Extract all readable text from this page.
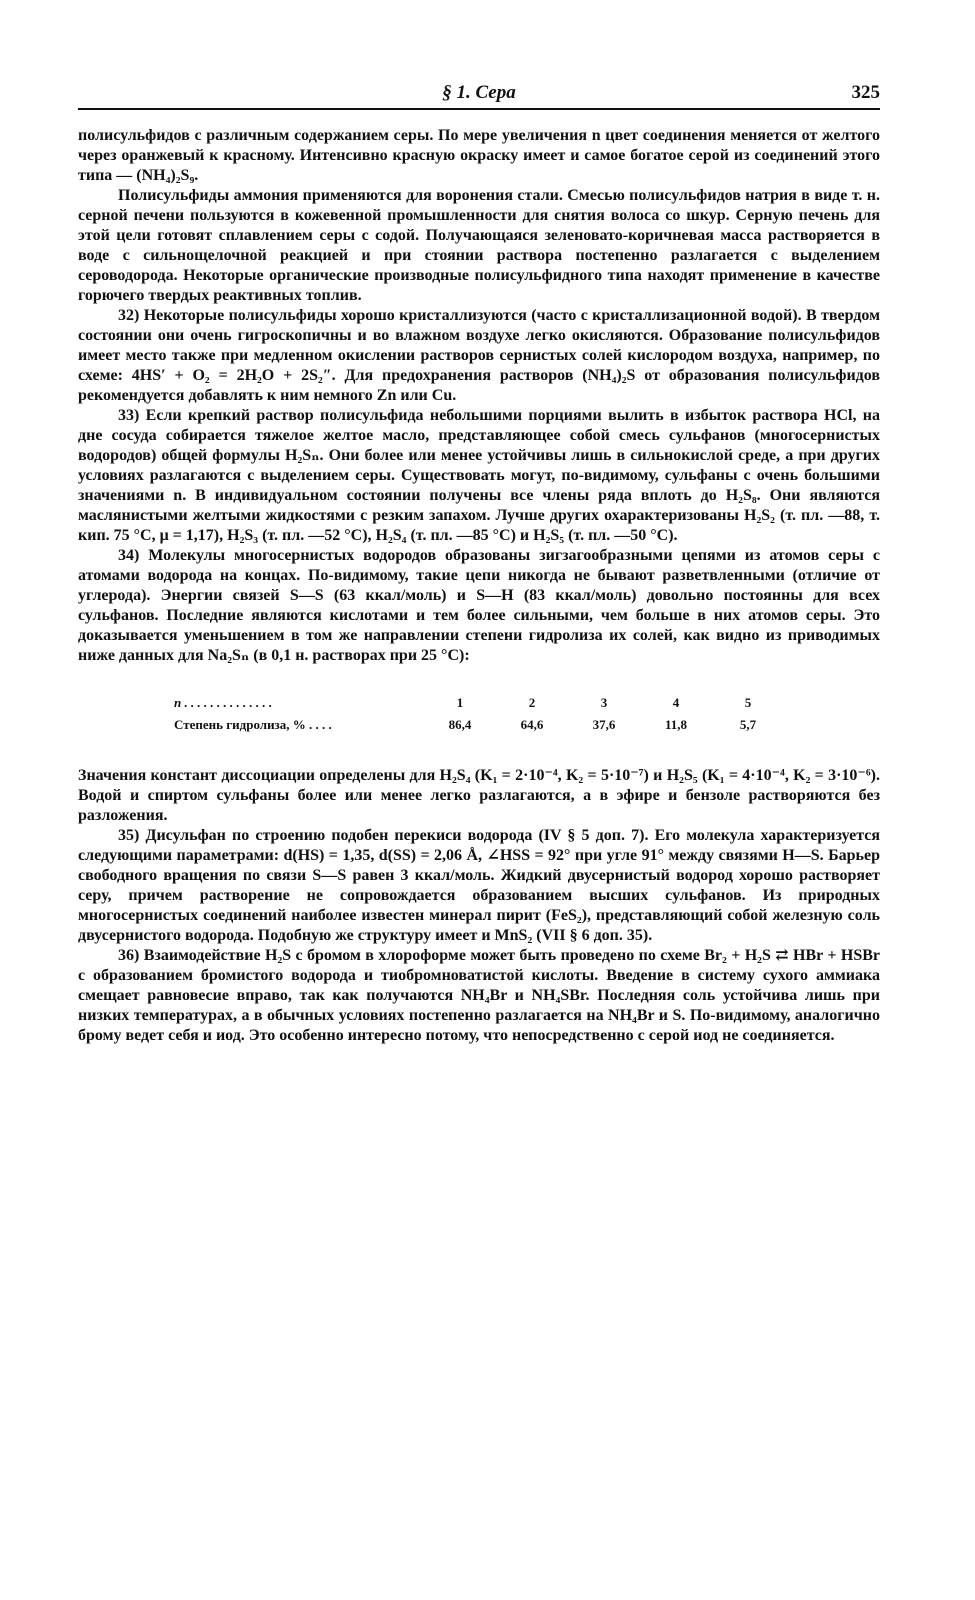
§ 1. Сера	325

полисульфидов с различным содержанием серы. По мере увеличения n цвет соединения меняется от желтого через оранжевый к красному. Интенсивно красную окраску имеет и самое богатое серой из соединений этого типа — (NH₄)₂S₉.

Полисульфиды аммония применяются для воронения стали. Смесью полисульфидов натрия в виде т. н. серной печени пользуются в кожевенной промышленности для снятия волоса со шкур. Серную печень для этой цели готовят сплавлением серы с содой. Получающаяся зеленовато-коричневая масса растворяется в воде с сильнощелочной реакцией и при стоянии раствора постепенно разлагается с выделением сероводорода. Некоторые органические производные полисульфидного типа находят применение в качестве горючего твердых реактивных топлив.

32) Некоторые полисульфиды хорошо кристаллизуются (часто с кристаллизационной водой). В твердом состоянии они очень гигроскопичны и во влажном воздухе легко окисляются. Образование полисульфидов имеет место также при медленном окислении растворов сернистых солей кислородом воздуха, например, по схеме: 4HS′ + O₂ = 2H₂O + 2S₂″. Для предохранения растворов (NH₄)₂S от образования полисульфидов рекомендуется добавлять к ним немного Zn или Cu.

33) Если крепкий раствор полисульфида небольшими порциями вылить в избыток раствора HCl, на дне сосуда собирается тяжелое желтое масло, представляющее собой смесь сульфанов (многосернистых водородов) общей формулы H₂Sₙ. Они более или менее устойчивы лишь в сильнокислой среде, а при других условиях разлагаются с выделением серы. Существовать могут, по-видимому, сульфаны с очень большими значениями n. В индивидуальном состоянии получены все члены ряда вплоть до H₂S₈. Они являются маслянистыми желтыми жидкостями с резким запахом. Лучше других охарактеризованы H₂S₂ (т. пл. —88, т. кип. 75 °C, μ = 1,17), H₂S₃ (т. пл. —52 °C), H₂S₄ (т. пл. —85 °C) и H₂S₅ (т. пл. —50 °C).

34) Молекулы многосернистых водородов образованы зигзагообразными цепями из атомов серы с атомами водорода на концах. По-видимому, такие цепи никогда не бывают разветвленными (отличие от углерода). Энергии связей S—S (63 ккал/моль) и S—H (83 ккал/моль) довольно постоянны для всех сульфанов. Последние являются кислотами и тем более сильными, чем больше в них атомов серы. Это доказывается уменьшением в том же направлении степени гидролиза их солей, как видно из приводимых ниже данных для Na₂Sₙ (в 0,1 н. растворах при 25 °C):

n . . . . . . . . . . . . . .	1	2	3	4	5
Степень гидролиза, % . . . .	86,4	64,6	37,6	11,8	5,7

Значения констант диссоциации определены для H₂S₄ (K₁ = 2·10⁻⁴, K₂ = 5·10⁻⁷) и H₂S₅ (K₁ = 4·10⁻⁴, K₂ = 3·10⁻⁶). Водой и спиртом сульфаны более или менее легко разлагаются, а в эфире и бензоле растворяются без разложения.

35) Дисульфан по строению подобен перекиси водорода (IV § 5 доп. 7). Его молекула характеризуется следующими параметрами: d(HS) = 1,35, d(SS) = 2,06 Å, ∠HSS = 92° при угле 91° между связями H—S. Барьер свободного вращения по связи S—S равен 3 ккал/моль. Жидкий двусернистый водород хорошо растворяет серу, причем растворение не сопровождается образованием высших сульфанов. Из природных многосернистых соединений наиболее известен минерал пирит (FeS₂), представляющий собой железную соль двусернистого водорода. Подобную же структуру имеет и MnS₂ (VII § 6 доп. 35).

36) Взаимодействие H₂S с бромом в хлороформе может быть проведено по схеме Br₂ + H₂S ⇄ HBr + HSBr с образованием бромистого водорода и тиобромноватистой кислоты. Введение в систему сухого аммиака смещает равновесие вправо, так как получаются NH₄Br и NH₄SBr. Последняя соль устойчива лишь при низких температурах, а в обычных условиях постепенно разлагается на NH₄Br и S. По-видимому, аналогично брому ведет себя и иод. Это особенно интересно потому, что непосредственно с серой иод не соединяется.
